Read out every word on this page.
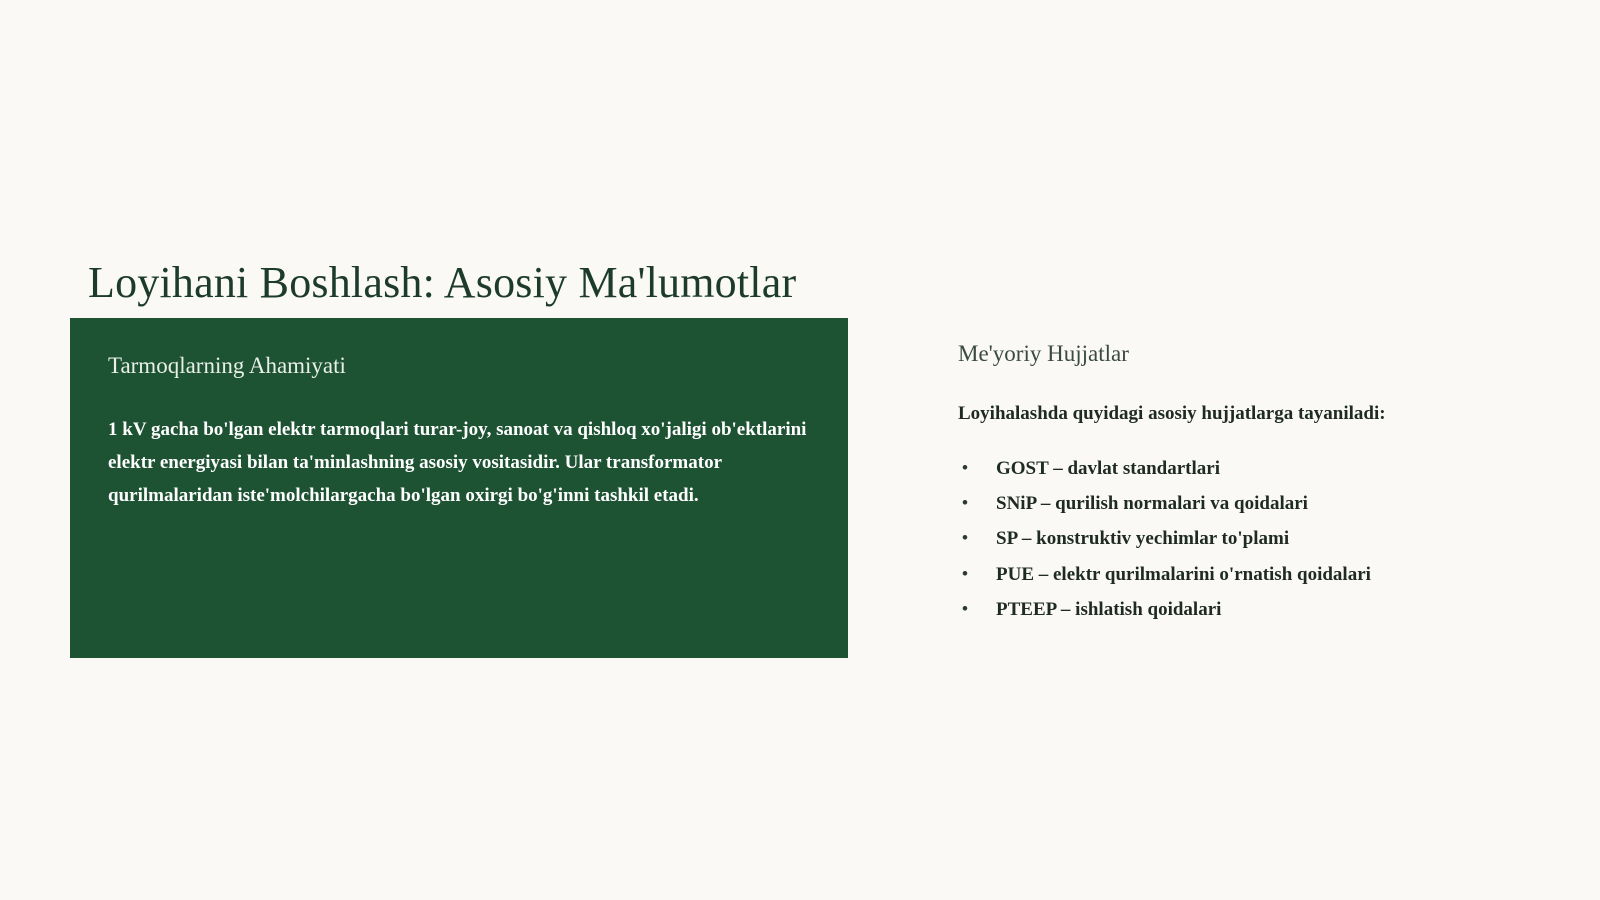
Loyihani Boshlash: Asosiy Ma'lumotlar
Tarmoqlarning Ahamiyati

1 kV gacha bo'lgan elektr tarmoqlari turar-joy, sanoat va qishloq xo'jaligi ob'ektlarini elektr energiyasi bilan ta'minlashning asosiy vositasidir. Ular transformator qurilmalaridan iste'molchilargacha bo'lgan oxirgi bo'g'inni tashkil etadi.

Me'yoriy Hujjatlar

Loyihalashda quyidagi asosiy hujjatlarga tayaniladi:

• GOST – davlat standartlari
• SNiP – qurilish normalari va qoidalari
• SP – konstruktiv yechimlar to'plami
• PUE – elektr qurilmalarini o'rnatish qoidalari
• PTEEP – ishlatish qoidalari
